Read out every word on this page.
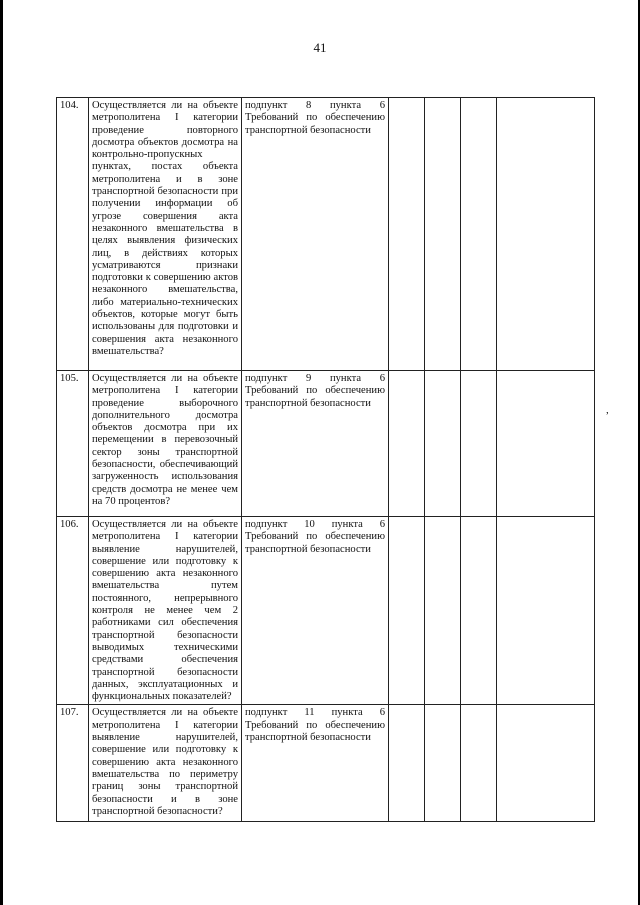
41
104.	Осуществляется ли на объекте метрополитена I категории проведение повторного досмотра объектов досмотра на контрольно-пропускных пунктах, постах объекта метрополитена и в зоне транспортной безопасности при получении информации об угрозе совершения акта незаконного вмешательства в целях выявления физических лиц, в действиях которых усматриваются признаки подготовки к совершению актов незаконного вмешательства, либо материально-технических объектов, которые могут быть использованы для подготовки и совершения акта незаконного вмешательства?	подпункт 8 пункта 6 Требований по обеспечению транспортной безопасности				
105.	Осуществляется ли на объекте метрополитена I категории проведение выборочного дополнительного досмотра объектов досмотра при их перемещении в перевозочный сектор зоны транспортной безопасности, обеспечивающий загруженность использования средств досмотра не менее чем на 70 процентов?	подпункт 9 пункта 6 Требований по обеспечению транспортной безопасности				
106.	Осуществляется ли на объекте метрополитена I категории выявление нарушителей, совершение или подготовку к совершению акта незаконного вмешательства путем постоянного, непрерывного контроля не менее чем 2 работниками сил обеспечения транспортной безопасности выводимых техническими средствами обеспечения транспортной безопасности данных, эксплуатационных и функциональных показателей?	подпункт 10 пункта 6 Требований по обеспечению транспортной безопасности				
107.	Осуществляется ли на объекте метрополитена I категории выявление нарушителей, совершение или подготовку к совершению акта незаконного вмешательства по периметру границ зоны транспортной безопасности и в зоне транспортной безопасности?	подпункт 11 пункта 6 Требований по обеспечению транспортной безопасности				
,
